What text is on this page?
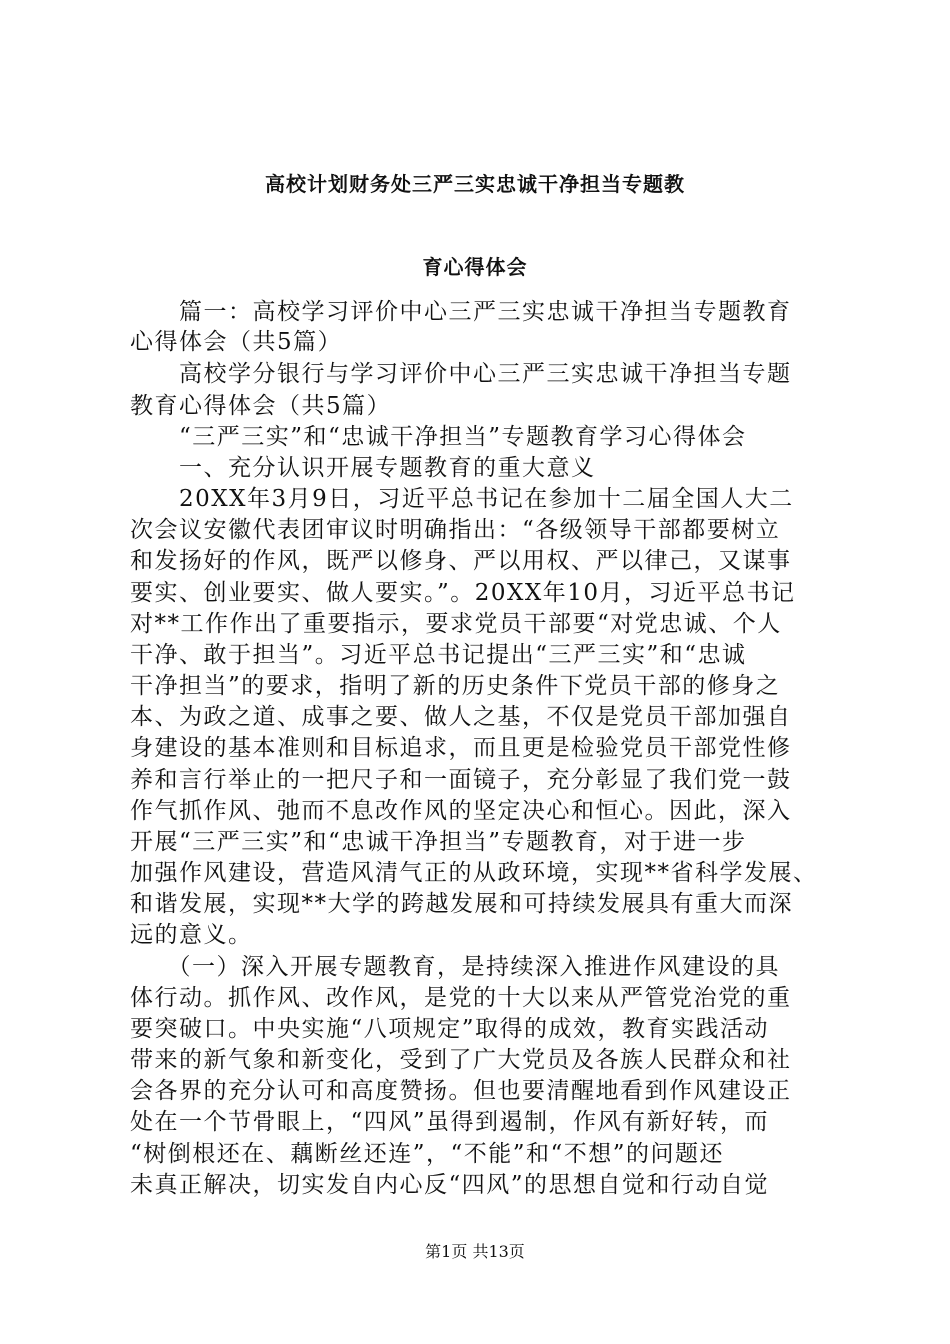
高校计划财务处三严三实忠诚干净担当专题教
育心得体会
　　篇一：高校学习评价中心三严三实忠诚干净担当专题教育
心得体会（共5篇）
　　高校学分银行与学习评价中心三严三实忠诚干净担当专题
教育心得体会（共5篇）
　　“三严三实”和“忠诚干净担当”专题教育学习心得体会
　　一、充分认识开展专题教育的重大意义
　　20XX年3月9日，习近平总书记在参加十二届全国人大二
次会议安徽代表团审议时明确指出：“各级领导干部都要树立
和发扬好的作风，既严以修身、严以用权、严以律己，又谋事
要实、创业要实、做人要实。”。20XX年10月，习近平总书记
对**工作作出了重要指示，要求党员干部要“对党忠诚、个人
干净、敢于担当”。习近平总书记提出“三严三实”和“忠诚
干净担当”的要求，指明了新的历史条件下党员干部的修身之
本、为政之道、成事之要、做人之基，不仅是党员干部加强自
身建设的基本准则和目标追求，而且更是检验党员干部党性修
养和言行举止的一把尺子和一面镜子，充分彰显了我们党一鼓
作气抓作风、弛而不息改作风的坚定决心和恒心。因此，深入
开展“三严三实”和“忠诚干净担当”专题教育，对于进一步
加强作风建设，营造风清气正的从政环境，实现**省科学发展、
和谐发展，实现**大学的跨越发展和可持续发展具有重大而深
远的意义。
　　（一）深入开展专题教育，是持续深入推进作风建设的具
体行动。抓作风、改作风，是党的十大以来从严管党治党的重
要突破口。中央实施“八项规定”取得的成效，教育实践活动
带来的新气象和新变化，受到了广大党员及各族人民群众和社
会各界的充分认可和高度赞扬。但也要清醒地看到作风建设正
处在一个节骨眼上，“四风”虽得到遏制，作风有新好转，而
“树倒根还在、藕断丝还连”，“不能”和“不想”的问题还
未真正解决，切实发自内心反“四风”的思想自觉和行动自觉
第1页 共13页
